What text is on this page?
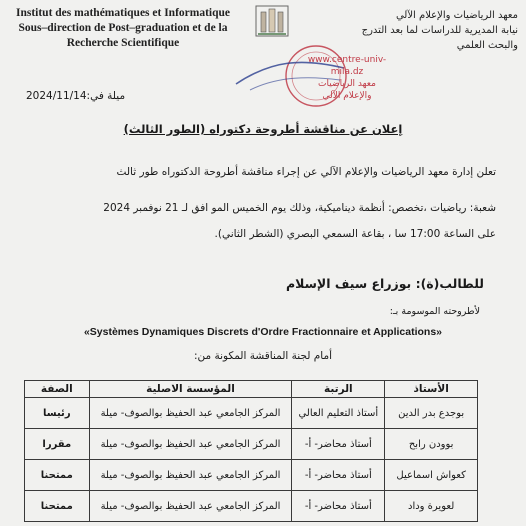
Institut des mathématiques et Informatique
Sous–direction de Post–graduation et de la
Recherche Scientifique
معهد الرياضيات والإعلام الآلي
نيابة المديرية للدراسات لما بعد التدرج
والبحث العلمي
www.centre-univ-mila.dz
معهد الرياضيات
والإعلام الآلي
ميلة في:2024/11/14
إعلان عن مناقشة أطروحة دكتوراه (الطور الثالث)
تعلن إدارة معهد الرياضيات والإعلام الآلي عن إجراء مناقشة أطروحة الدكتوراه طور ثالث
شعبة: رياضيات ،تخصص: أنظمة ديناميكية، وذلك يوم الخميس المو افق لـ 21 نوفمبر 2024
على الساعة 17:00 سا ، بقاعة السمعي البصري (الشطر الثاني).
للطالب(ة): بوزراع سيف الإسلام
لأطروحته الموسومة بـ:
«Systèmes Dynamiques Discrets d'Ordre Fractionnaire et Applications»
أمام لجنة المناقشة المكونة من:
الأستاذ	الرتبة	المؤسسة الاصلية	الصفة
بوجدع بدر الدين	أستاذ التعليم العالي	المركز الجامعي عبد الحفيظ بوالصوف- ميلة	رئيسا
بوودن رابح	أستاذ محاضر- أ-	المركز الجامعي عبد الحفيظ بوالصوف- ميلة	مقررا
كعواش اسماعيل	أستاذ محاضر- أ-	المركز الجامعي عبد الحفيظ بوالصوف- ميلة	ممتحنا
لعويرة وداد	أستاذ محاضر- أ-	المركز الجامعي عبد الحفيظ بوالصوف- ميلة	ممتحنا
